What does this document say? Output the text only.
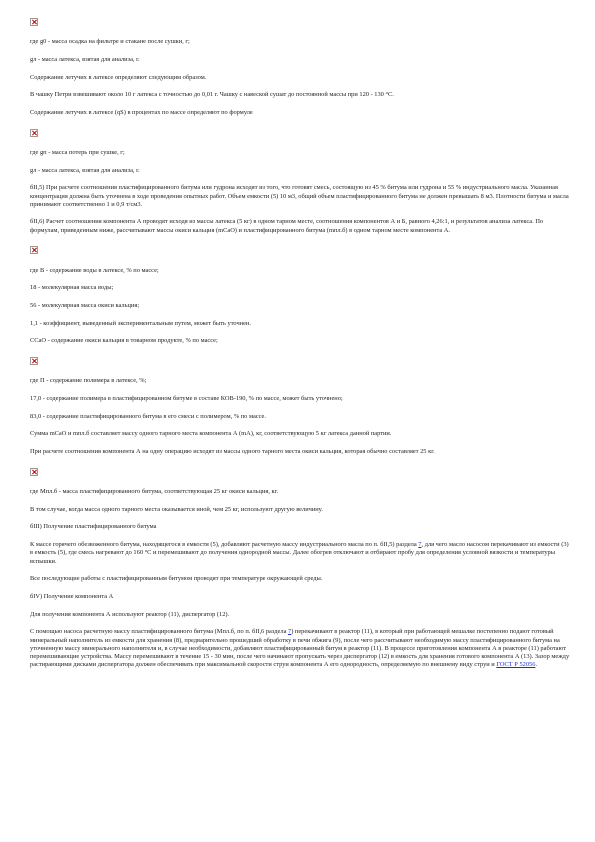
где g0 - масса осадка на фильтре и стакане после сушки, г;

gл - масса латекса, взятая для анализа, г.

Содержание летучих в латексе определяют следующим образом.

В чашку Петри взвешивают около 10 г латекса с точностью до 0,01 г. Чашку с навеской сушат до постоянной массы при 120 - 130 °С.

Содержание летучих в латексе (qS) в процентах по массе определяют по формуле

где gп - масса потерь при сушке, г;

gл - масса латекса, взятая для анализа, г.

бII,5) При расчете соотношения пластифицированного битума или гудрона исходят из того, что готовят смесь, состоящую из 45 % битума или гудрона и 55 % индустриального масла. Указанная концентрация должна быть уточнена в ходе проведения опытных работ. Объем емкости (5) 10 м3, общий объем пластифицированного битума не должен превышать 8 м3. Плотности битума и масла принимают соответственно 1 и 0,9 т/см3.

бII,6) Расчет соотношения компонента А проводят исходя из массы латекса (5 кг) в одном тарном месте, соотношения компонентов А и Б, равного 4,26:1, и результатов анализа латекса. По формулам, приведенным ниже, рассчитывают массы окиси кальция (mCaO) и пластифицированного битума (mпл.б) в одном тарном месте компонента А.

где В - содержание воды в латексе, % по массе;

18 - молекулярная масса воды;

56 - молекулярная масса окиси кальция;

1,1 - коэффициент, выведенный экспериментальным путем, может быть уточнен.

CCaO - содержание окиси кальция в товарном продукте, % по массе;

где П - содержание полимера в латексе, %;

17,0 - содержание полимера в пластифицированном битуме в составе КОВ-190, % по массе, может быть уточнено;

83,0 - содержание пластифицированного битума в его смеси с полимером, % по массе.

Сумма mCaO и mпл.б составляет массу одного тарного места компонента А (mA), кг, соответствующую 5 кг латекса данной партии.

При расчете соотношения компонента А на одну операцию исходят из массы одного тарного места окиси кальция, которая обычно составляет 25 кг.

где Мпл.б - масса пластифицированного битума, соответствующая 25 кг окиси кальция, кг.

В том случае, когда масса одного тарного места оказывается иной, чем 25 кг, используют другую величину.

бIII) Получение пластифицированного битума

К массе горячего обезвоженного битума, находящегося в емкости (5), добавляют расчетную массу индустриального масла по п. бII,5) раздела 7, для чего масло насосом перекачивают из емкости (3) в емкость (5), где смесь нагревают до 160 °С и перемешивают до получения однородной массы. Далее обогрев отключают и отбирают пробу для определения условной вязкости и температуры вспышки.

Все последующие работы с пластифицированным битумом проводят при температуре окружающей среды.

бIV) Получение компонента А

Для получения компонента А используют реактор (11), диспергатор (12).

С помощью насоса расчетную массу пластифицированного битума (Мпл.б, по п. бII,6 раздела 7) перекачивают в реактор (11), в который при работающей мешалке постепенно подают готовый минеральный наполнитель из емкости для хранения (8), предварительно прошедший обработку в печи обжига (9), после чего рассчитывают необходимую массу пластифицированного битума на уточненную массу минерального наполнителя и, в случае необходимости, добавляют пластифицированный битум в реактор (11). В процессе приготовления компонента А в реакторе (11) работают перемешивающие устройства. Массу перемешивают в течение 15 - 30 мин, после чего начинают пропускать через диспергатор (12) в емкость для хранения готового компонента А (13). Зазор между растирающими дисками диспергатора должен обеспечивать при максимальной скорости струи компонента А его однородность, определяемую по внешнему виду струи и ГОСТ Р 52056.
